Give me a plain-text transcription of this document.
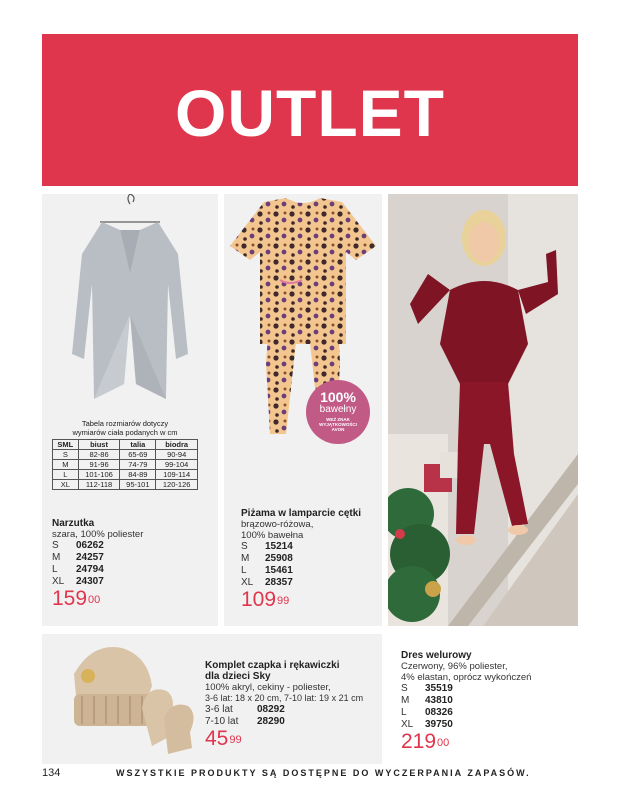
OUTLET
Tabela rozmiarów dotyczy
wymiarów ciała podanych w cm
SML	biust	talia	biodra
S	82-86	65-69	90-94
M	91-96	74-79	99-104
L	101-106	84-89	109-114
XL	112-118	95-101	120-126
Narzutka
szara, 100% poliester
S	06262
M	24257
L	24794
XL	24307
$159^{00}$
100%
bawełny
WEŹ ZNAK
WYJĄTKOWOŚCI
AVON
Piżama w lamparcie cętki
brązowo-różowa,
100% bawełna
S	15214
M	25908
L	15461
XL	28357
$109^{99}$
Dres welurowy
Czerwony, 96% poliester,
4% elastan, oprócz wykończeń
S	35519
M	43810
L	08326
XL	39750
$219^{00}$
Komplet czapka i rękawiczki
dla dzieci Sky
100% akryl, cekiny - poliester,
3-6 lat: 18 x 20 cm, 7-10 lat: 19 x 21 cm
3-6 lat	08292
7-10 lat	28290
$45^{99}$
134	WSZYSTKIE PRODUKTY SĄ DOSTĘPNE DO WYCZERPANIA ZAPASÓW.
